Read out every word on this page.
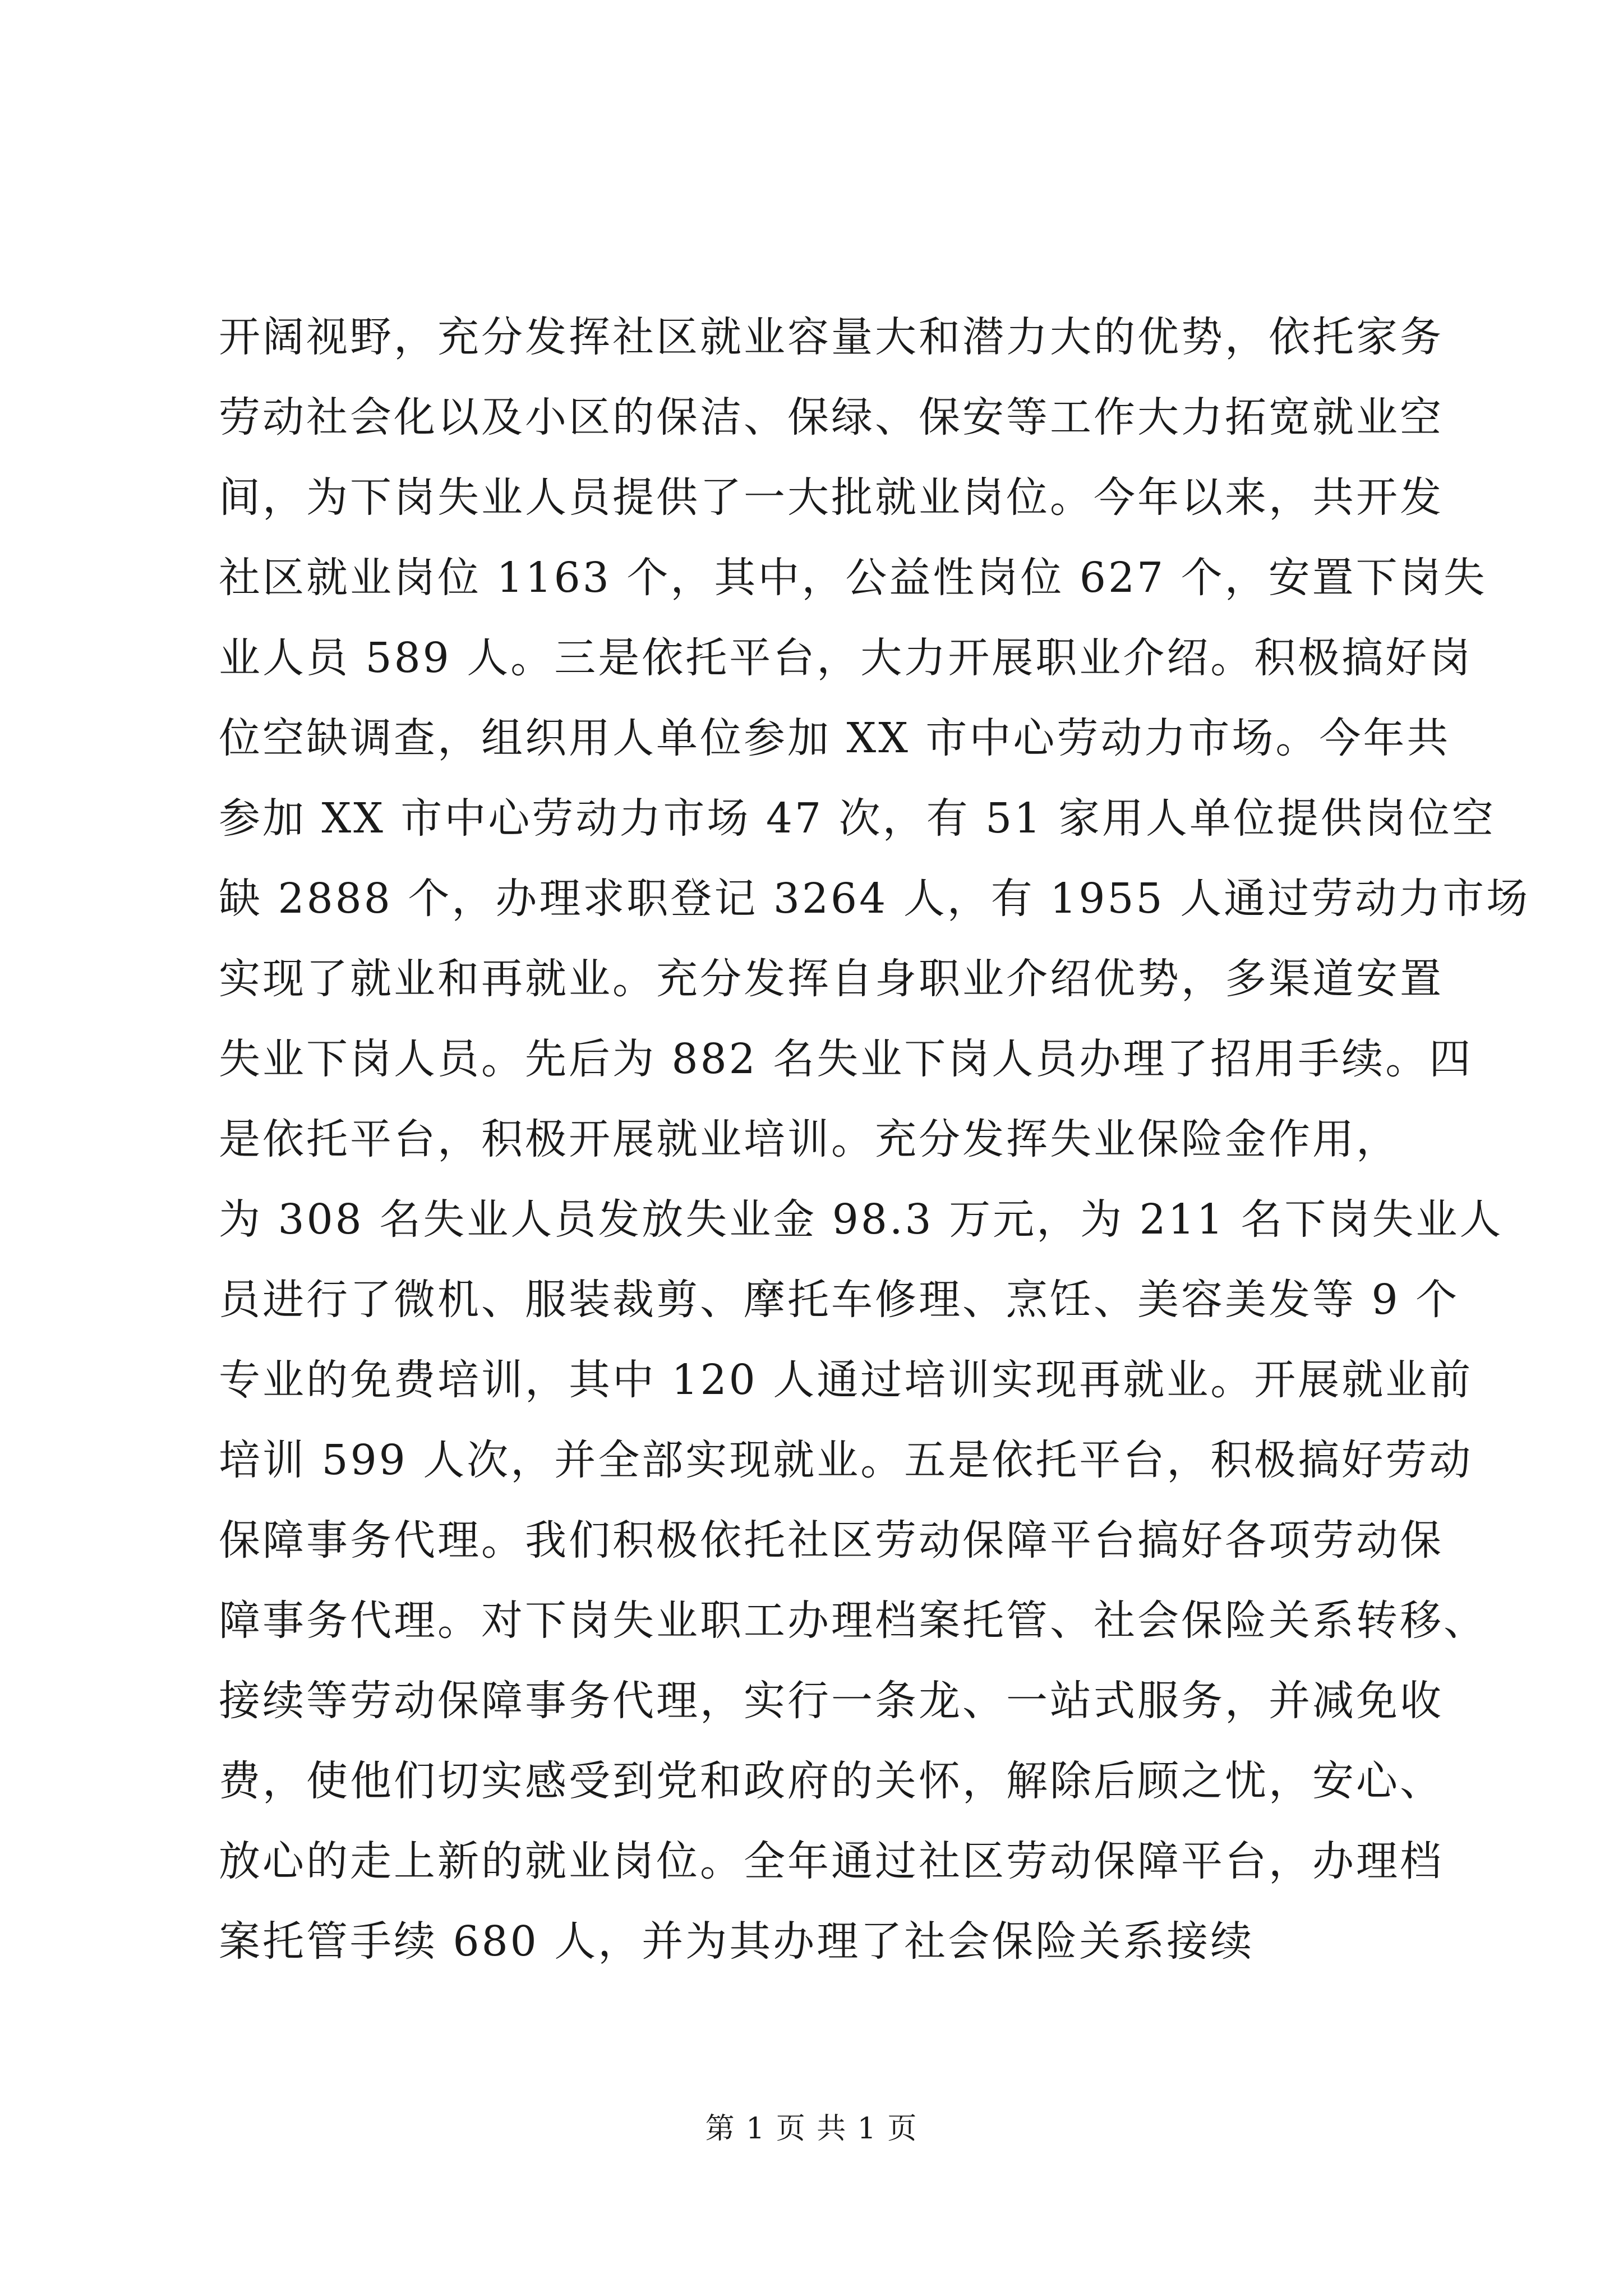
开阔视野，充分发挥社区就业容量大和潜力大的优势，依托家务
劳动社会化以及小区的保洁、保绿、保安等工作大力拓宽就业空
间，为下岗失业人员提供了一大批就业岗位。今年以来，共开发
社区就业岗位 1163 个，其中，公益性岗位 627 个，安置下岗失
业人员 589 人。三是依托平台，大力开展职业介绍。积极搞好岗
位空缺调查，组织用人单位参加 XX 市中心劳动力市场。今年共
参加 XX 市中心劳动力市场 47 次，有 51 家用人单位提供岗位空
缺 2888 个，办理求职登记 3264 人，有 1955 人通过劳动力市场
实现了就业和再就业。充分发挥自身职业介绍优势，多渠道安置
失业下岗人员。先后为 882 名失业下岗人员办理了招用手续。四
是依托平台，积极开展就业培训。充分发挥失业保险金作用，
为 308 名失业人员发放失业金 98.3 万元，为 211 名下岗失业人
员进行了微机、服装裁剪、摩托车修理、烹饪、美容美发等 9 个
专业的免费培训，其中 120 人通过培训实现再就业。开展就业前
培训 599 人次，并全部实现就业。五是依托平台，积极搞好劳动
保障事务代理。我们积极依托社区劳动保障平台搞好各项劳动保
障事务代理。对下岗失业职工办理档案托管、社会保险关系转移、
接续等劳动保障事务代理，实行一条龙、一站式服务，并减免收
费，使他们切实感受到党和政府的关怀，解除后顾之忧，安心、
放心的走上新的就业岗位。全年通过社区劳动保障平台，办理档
案托管手续 680 人，并为其办理了社会保险关系接续
第 1 页 共 1 页
